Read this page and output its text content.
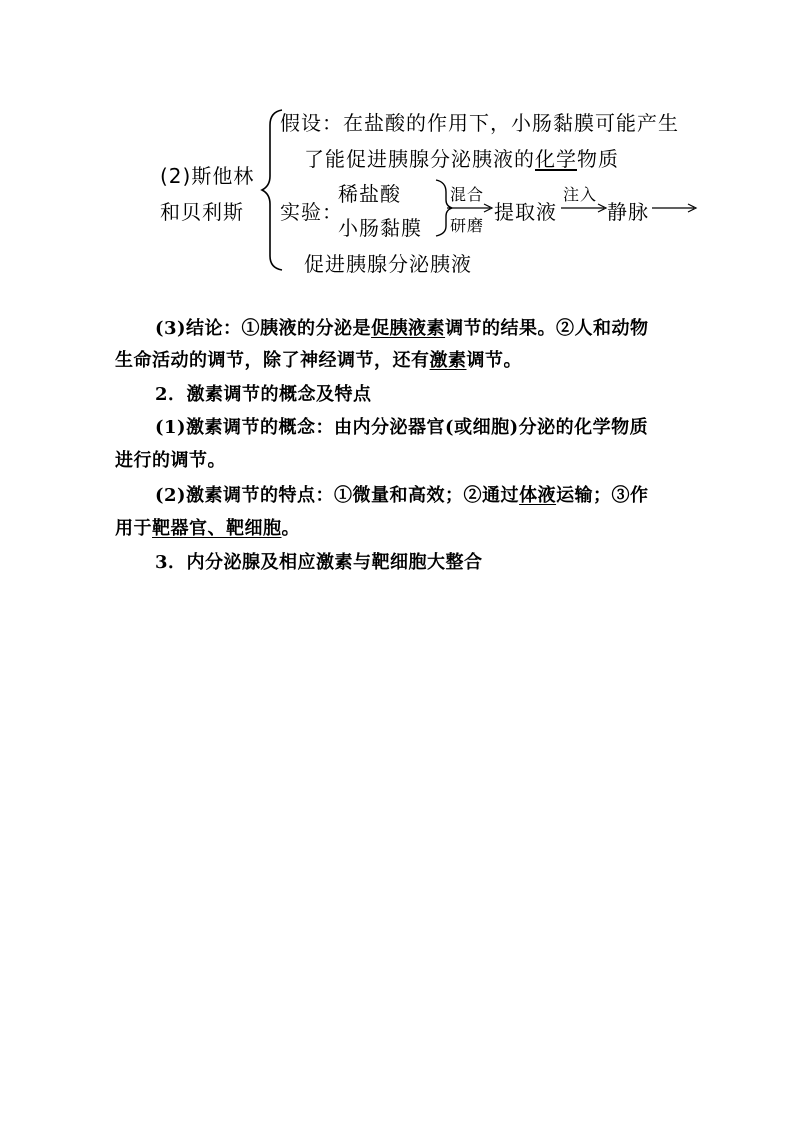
(2)斯他林
和贝利斯
假设：在盐酸的作用下，小肠黏膜可能产生
了能促进胰腺分泌胰液的化学物质
实验：
稀盐酸
小肠黏膜
混合
研磨
提取液
注入
静脉
促进胰腺分泌胰液
(3)结论：①胰液的分泌是促胰液素调节的结果。②人和动物
生命活动的调节，除了神经调节，还有激素调节。
2．激素调节的概念及特点
(1)激素调节的概念：由内分泌器官(或细胞)分泌的化学物质
进行的调节。
(2)激素调节的特点：①微量和高效；②通过体液运输；③作
用于靶器官、靶细胞。
3．内分泌腺及相应激素与靶细胞大整合
